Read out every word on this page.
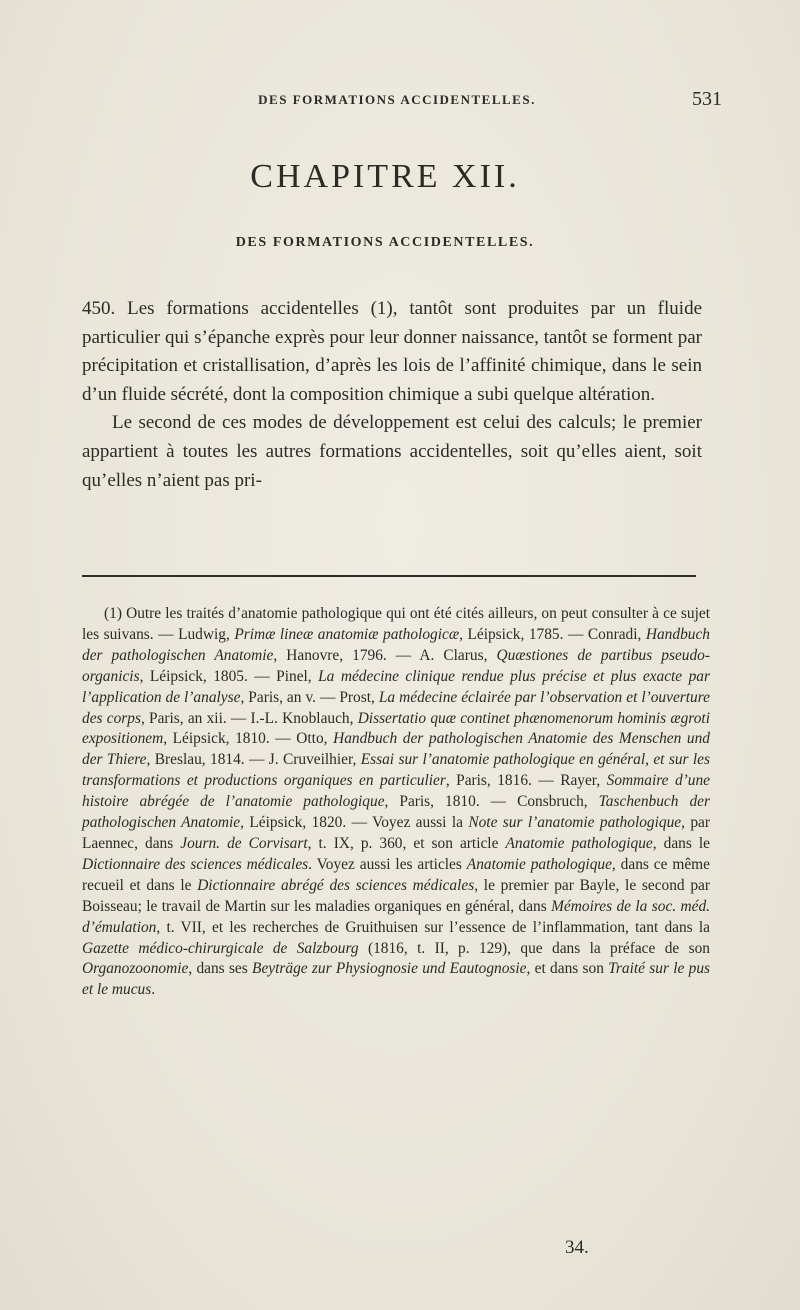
DES FORMATIONS ACCIDENTELLES.	531
CHAPITRE XII.
DES FORMATIONS ACCIDENTELLES.

450. Les formations accidentelles (1), tantôt sont produites par un fluide particulier qui s’épanche exprès pour leur donner naissance, tantôt se forment par précipitation et cristallisation, d’après les lois de l’affinité chimique, dans le sein d’un fluide sécrété, dont la composition chimique a subi quelque altération.

Le second de ces modes de développement est celui des calculs; le premier appartient à toutes les autres formations accidentelles, soit qu’elles aient, soit qu’elles n’aient pas pri-

(1) Outre les traités d’anatomie pathologique qui ont été cités ailleurs, on peut consulter à ce sujet les suivans. — Ludwig, Primæ lineæ anatomiæ pathologicæ, Léipsick, 1785. — Conradi, Handbuch der pathologischen Anatomie, Hanovre, 1796. — A. Clarus, Quæstiones de partibus pseudo-organicis, Léipsick, 1805. — Pinel, La médecine clinique rendue plus précise et plus exacte par l’application de l’analyse, Paris, an v. — Prost, La médecine éclairée par l’observation et l’ouverture des corps, Paris, an xii. — I.-L. Knoblauch, Dissertatio quæ continet phænomenorum hominis ægroti expositionem, Léipsick, 1810. — Otto, Handbuch der pathologischen Anatomie des Menschen und der Thiere, Breslau, 1814. — J. Cruveilhier, Essai sur l’anatomie pathologique en général, et sur les transformations et productions organiques en particulier, Paris, 1816. — Rayer, Sommaire d’une histoire abrégée de l’anatomie pathologique, Paris, 1810. — Consbruch, Taschenbuch der pathologischen Anatomie, Léipsick, 1820. — Voyez aussi la Note sur l’anatomie pathologique, par Laennec, dans Journ. de Corvisart, t. IX, p. 360, et son article Anatomie pathologique, dans le Dictionnaire des sciences médicales. Voyez aussi les articles Anatomie pathologique, dans ce même recueil et dans le Dictionnaire abrégé des sciences médicales, le premier par Bayle, le second par Boisseau; le travail de Martin sur les maladies organiques en général, dans Mémoires de la soc. méd. d’émulation, t. VII, et les recherches de Gruithuisen sur l’essence de l’inflammation, tant dans la Gazette médico-chirurgicale de Salzbourg (1816, t. II, p. 129), que dans la préface de son Organozoonomie, dans ses Beyträge zur Physiognosie und Eautognosie, et dans son Traité sur le pus et le mucus.

34.
